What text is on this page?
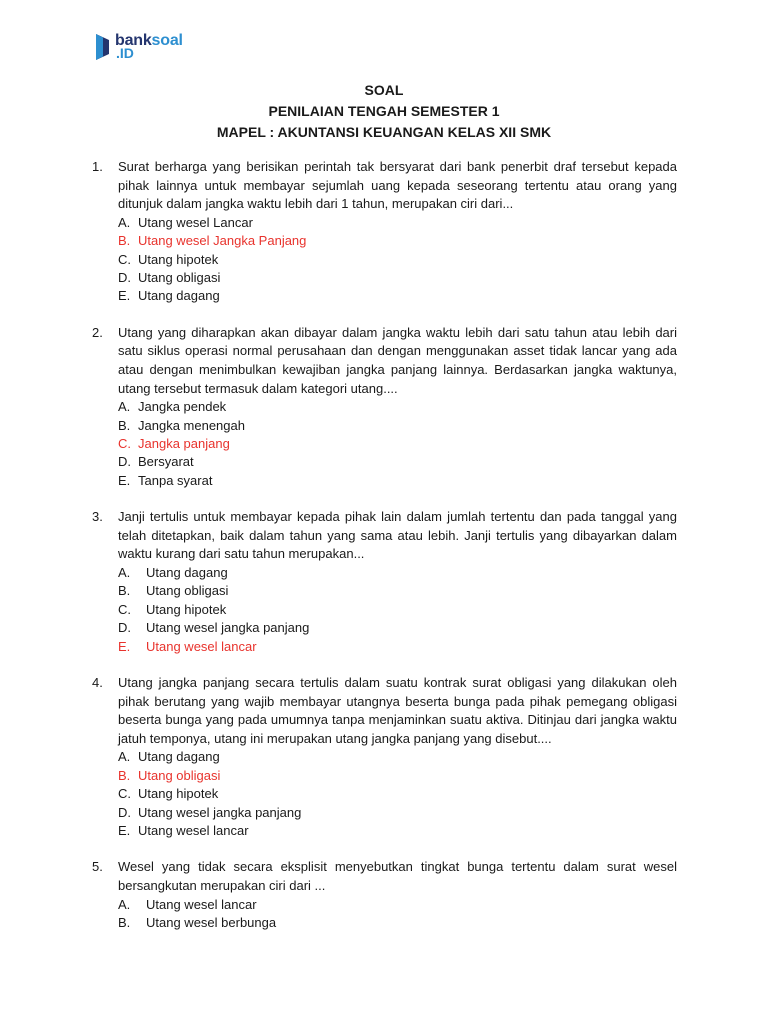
banksoal
.ID
SOAL
PENILAIAN TENGAH SEMESTER 1
MAPEL : AKUNTANSI KEUANGAN KELAS XII SMK
1.	Surat berharga yang berisikan perintah tak bersyarat dari bank penerbit draf tersebut kepada pihak lainnya untuk membayar sejumlah uang kepada seseorang tertentu atau orang yang ditunjuk dalam jangka waktu lebih dari 1 tahun, merupakan ciri dari...

A. Utang wesel Lancar
B. Utang wesel Jangka Panjang
C. Utang hipotek
D. Utang obligasi
E. Utang dagang
2.	Utang yang diharapkan akan dibayar dalam jangka waktu lebih dari satu tahun atau lebih dari satu siklus operasi normal perusahaan dan dengan menggunakan asset tidak lancar yang ada atau dengan menimbulkan kewajiban jangka panjang lainnya. Berdasarkan jangka waktunya, utang tersebut termasuk dalam kategori utang....

A. Jangka pendek
B. Jangka menengah
C. Jangka panjang
D. Bersyarat
E. Tanpa syarat
3.	Janji tertulis untuk membayar kepada pihak lain dalam jumlah tertentu dan pada tanggal yang telah ditetapkan, baik dalam tahun yang sama atau lebih. Janji tertulis yang dibayarkan dalam waktu kurang dari satu tahun merupakan...

A.	Utang dagang
B.	Utang obligasi
C.	Utang hipotek
D.	Utang wesel jangka panjang
E.	Utang wesel lancar
4.	Utang jangka panjang secara tertulis dalam suatu kontrak surat obligasi yang dilakukan oleh pihak berutang yang wajib membayar utangnya beserta bunga pada pihak pemegang obligasi beserta bunga yang pada umumnya tanpa menjaminkan suatu aktiva. Ditinjau dari jangka waktu jatuh temponya, utang ini merupakan utang jangka panjang yang disebut....

A. Utang dagang
B. Utang obligasi
C. Utang hipotek
D. Utang wesel jangka panjang
E. Utang wesel lancar
5.	Wesel yang tidak secara eksplisit menyebutkan tingkat bunga tertentu dalam surat wesel bersangkutan merupakan ciri dari ...

A.	Utang wesel lancar
B.	Utang wesel berbunga
